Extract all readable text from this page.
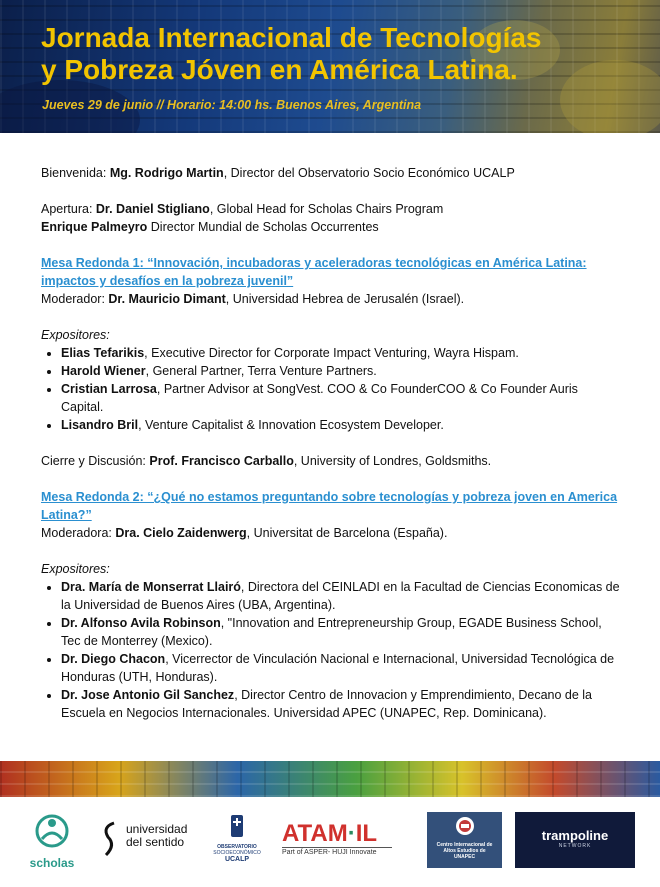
Jornada Internacional de Tecnologías
y Pobreza Jóven en América Latina.
Jueves 29 de junio // Horario: 14:00 hs. Buenos Aires, Argentina

Bienvenida: Mg. Rodrigo Martin, Director del Observatorio Socio Económico UCALP

Apertura: Dr. Daniel Stigliano, Global Head for Scholas Chairs Program

Enrique Palmeyro Director Mundial de Scholas Occurrentes

Mesa Redonda 1: “Innovación, incubadoras y aceleradoras tecnológicas en América Latina: impactos y desafíos en la pobreza juvenil”

Moderador: Dr. Mauricio Dimant, Universidad Hebrea de Jerusalén (Israel).

Expositores:

• Elias Tefarikis, Executive Director for Corporate Impact Venturing, Wayra Hispam.
• Harold Wiener, General Partner, Terra Venture Partners.
• Cristian Larrosa, Partner Advisor at SongVest. COO & Co FounderCOO & Co Founder Auris Capital.
• Lisandro Bril, Venture Capitalist & Innovation Ecosystem Developer.

Cierre y Discusión: Prof. Francisco Carballo, University of Londres, Goldsmiths.

Mesa Redonda 2: “¿Qué no estamos preguntando sobre tecnologías y pobreza joven en America Latina?”

Moderadora: Dra. Cielo Zaidenwerg, Universitat de Barcelona (España).

Expositores:

• Dra. María de Monserrat Llairó, Directora del CEINLADI en la Facultad de Ciencias Economicas de la Universidad de Buenos Aires (UBA, Argentina).
• Dr. Alfonso Avila Robinson, "Innovation and Entrepreneurship Group, EGADE Business School, Tec de Monterrey (Mexico).
• Dr. Diego Chacon, Vicerrector de Vinculación Nacional e Internacional, Universidad Tecnológica de Honduras (UTH, Honduras).
• Dr. Jose Antonio Gil Sanchez, Director Centro de Innovacion y Emprendimiento, Decano de la Escuela en Negocios Internacionales. Universidad APEC (UNAPEC, Rep. Dominicana).
scholas
universidad
del sentido	OBSERVATORIO
SOCIOECONÓMICO
UCALP
ATAM·IL
Part of ASPER- HUJI Innovate
Centro Internacional de
Altos Estudios de
UNAPEC
trampoline
NETWORK
